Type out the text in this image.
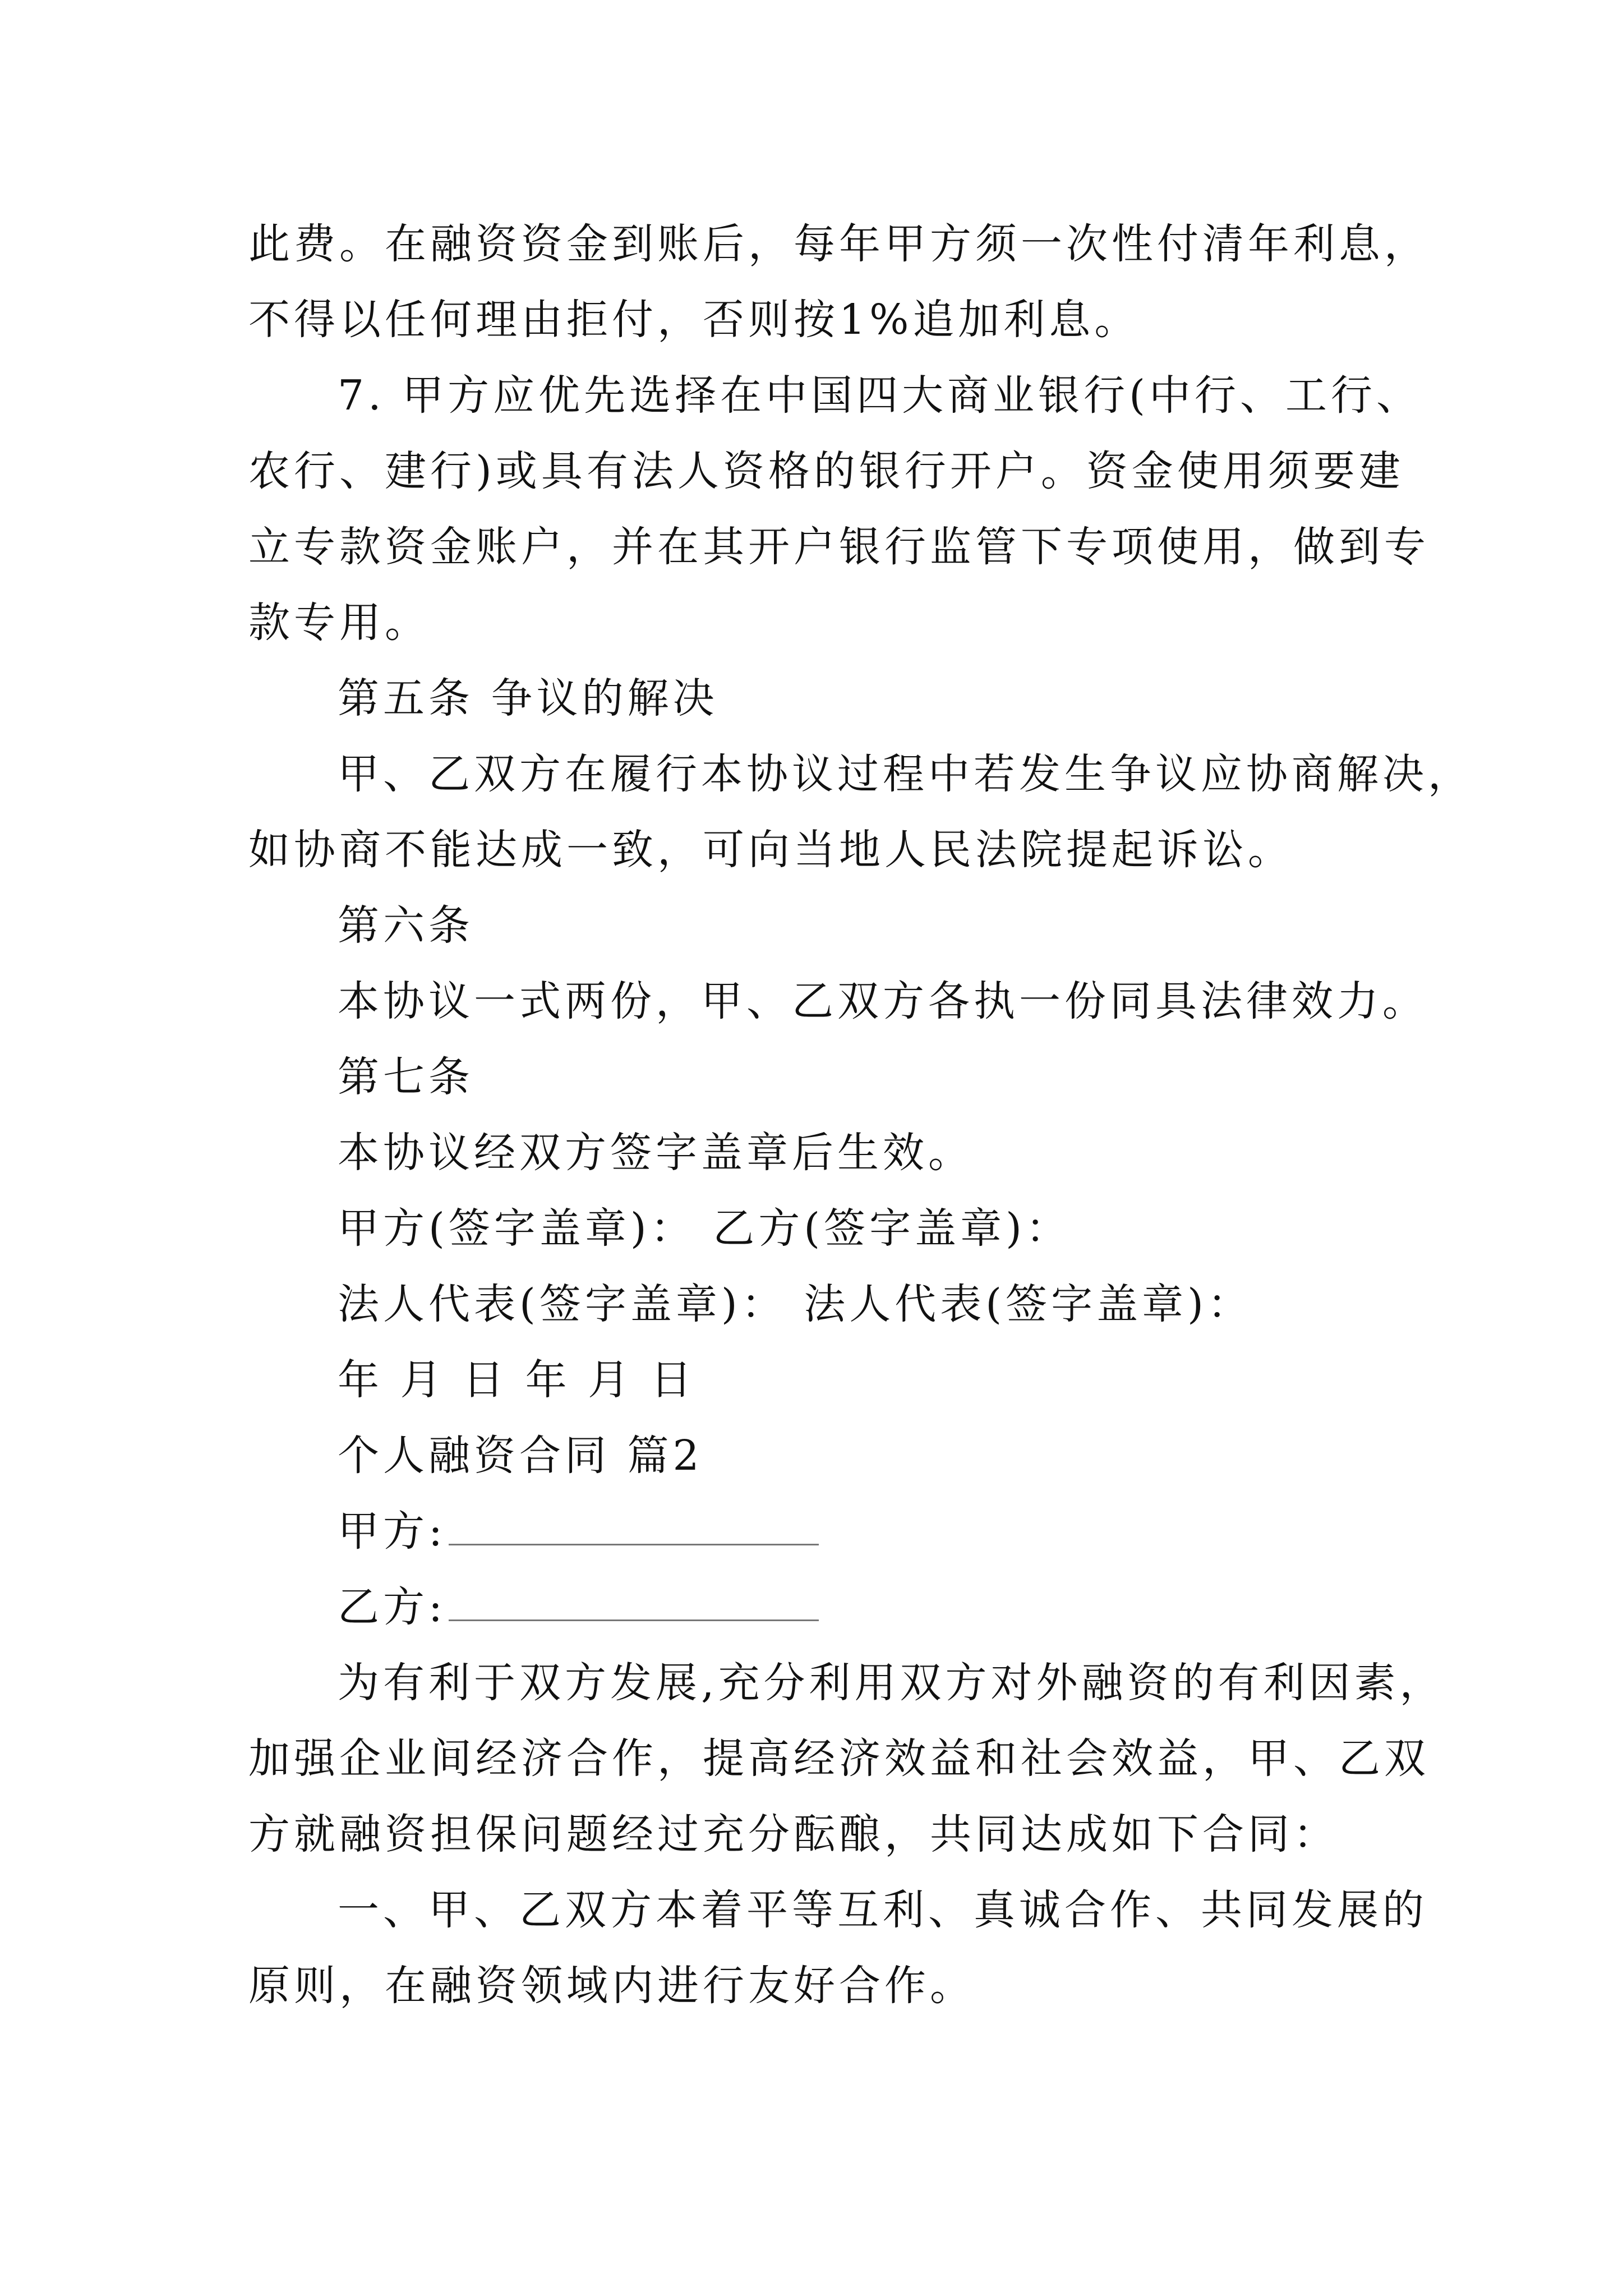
此费。在融资资金到账后，每年甲方须一次性付清年利息，
不得以任何理由拒付，否则按1%追加利息。
7. 甲方应优先选择在中国四大商业银行(中行、工行、
农行、建行)或具有法人资格的银行开户。资金使用须要建
立专款资金账户，并在其开户银行监管下专项使用，做到专
款专用。
第五条 争议的解决
甲、乙双方在履行本协议过程中若发生争议应协商解决，
如协商不能达成一致，可向当地人民法院提起诉讼。
第六条
本协议一式两份，甲、乙双方各执一份同具法律效力。
第七条
本协议经双方签字盖章后生效。
甲方(签字盖章)： 乙方(签字盖章)：
法人代表(签字盖章)： 法人代表(签字盖章)：
年 月 日 年 月 日
个人融资合同 篇2
甲方:
乙方:
为有利于双方发展,充分利用双方对外融资的有利因素，
加强企业间经济合作，提高经济效益和社会效益，甲、乙双
方就融资担保问题经过充分酝酿，共同达成如下合同：
一、甲、乙双方本着平等互利、真诚合作、共同发展的
原则，在融资领域内进行友好合作。
